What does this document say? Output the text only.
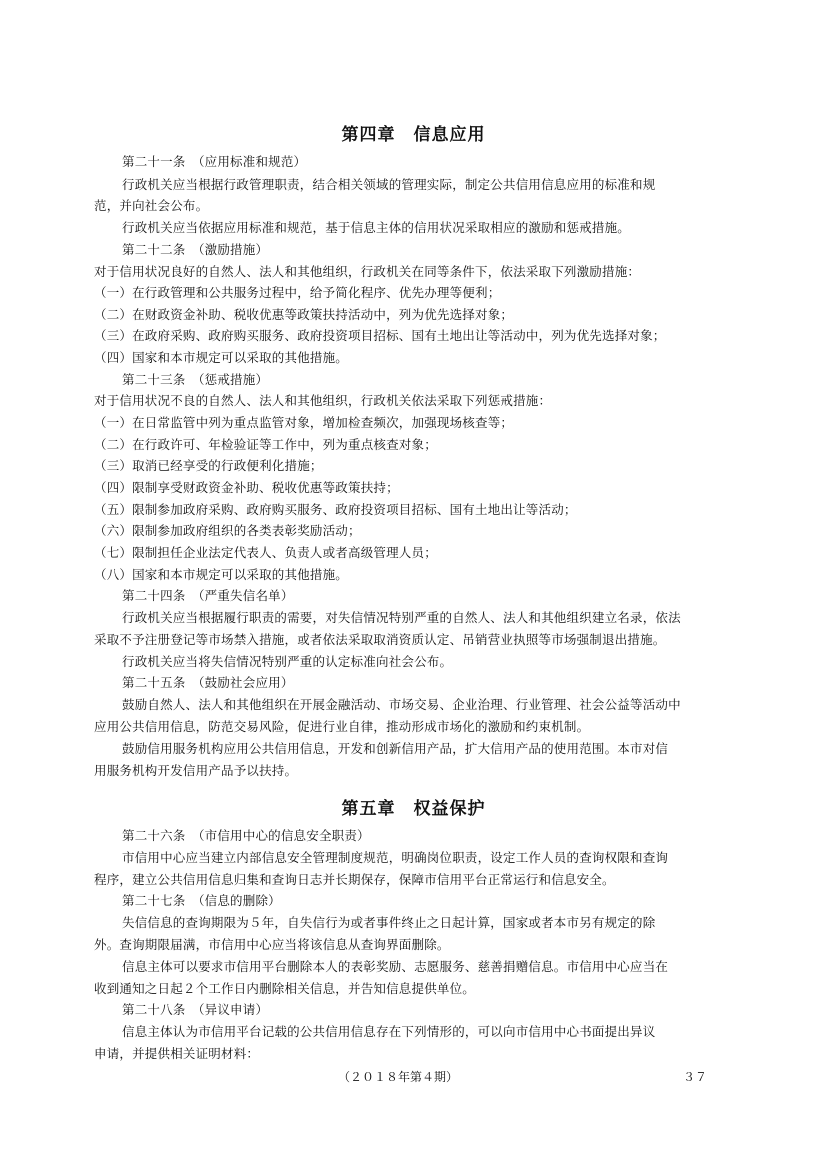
第四章 信息应用
第二十一条　（应用标准和规范）
行政机关应当根据行政管理职责，结合相关领域的管理实际，制定公共信用信息应用的标准和规
范，并向社会公布。
行政机关应当依据应用标准和规范，基于信息主体的信用状况采取相应的激励和惩戒措施。
第二十二条　（激励措施）
对于信用状况良好的自然人、法人和其他组织，行政机关在同等条件下，依法采取下列激励措施：
（一）在行政管理和公共服务过程中，给予简化程序、优先办理等便利；
（二）在财政资金补助、税收优惠等政策扶持活动中，列为优先选择对象；
（三）在政府采购、政府购买服务、政府投资项目招标、国有土地出让等活动中，列为优先选择对象；
（四）国家和本市规定可以采取的其他措施。
第二十三条　（惩戒措施）
对于信用状况不良的自然人、法人和其他组织，行政机关依法采取下列惩戒措施：
（一）在日常监管中列为重点监管对象，增加检查频次，加强现场核查等；
（二）在行政许可、年检验证等工作中，列为重点核查对象；
（三）取消已经享受的行政便利化措施；
（四）限制享受财政资金补助、税收优惠等政策扶持；
（五）限制参加政府采购、政府购买服务、政府投资项目招标、国有土地出让等活动；
（六）限制参加政府组织的各类表彰奖励活动；
（七）限制担任企业法定代表人、负责人或者高级管理人员；
（八）国家和本市规定可以采取的其他措施。
第二十四条　（严重失信名单）
行政机关应当根据履行职责的需要，对失信情况特别严重的自然人、法人和其他组织建立名录，依法
采取不予注册登记等市场禁入措施，或者依法采取取消资质认定、吊销营业执照等市场强制退出措施。
行政机关应当将失信情况特别严重的认定标准向社会公布。
第二十五条　（鼓励社会应用）
鼓励自然人、法人和其他组织在开展金融活动、市场交易、企业治理、行业管理、社会公益等活动中
应用公共信用信息，防范交易风险，促进行业自律，推动形成市场化的激励和约束机制。
鼓励信用服务机构应用公共信用信息，开发和创新信用产品，扩大信用产品的使用范围。本市对信
用服务机构开发信用产品予以扶持。
第五章 权益保护
第二十六条　（市信用中心的信息安全职责）
市信用中心应当建立内部信息安全管理制度规范，明确岗位职责，设定工作人员的查询权限和查询
程序，建立公共信用信息归集和查询日志并长期保存，保障市信用平台正常运行和信息安全。
第二十七条　（信息的删除）
失信信息的查询期限为５年，自失信行为或者事件终止之日起计算，国家或者本市另有规定的除
外。查询期限届满，市信用中心应当将该信息从查询界面删除。
信息主体可以要求市信用平台删除本人的表彰奖励、志愿服务、慈善捐赠信息。市信用中心应当在
收到通知之日起２个工作日内删除相关信息，并告知信息提供单位。
第二十八条　（异议申请）
信息主体认为市信用平台记载的公共信用信息存在下列情形的，可以向市信用中心书面提出异议
申请，并提供相关证明材料：
（２０１８年第４期）	３７
